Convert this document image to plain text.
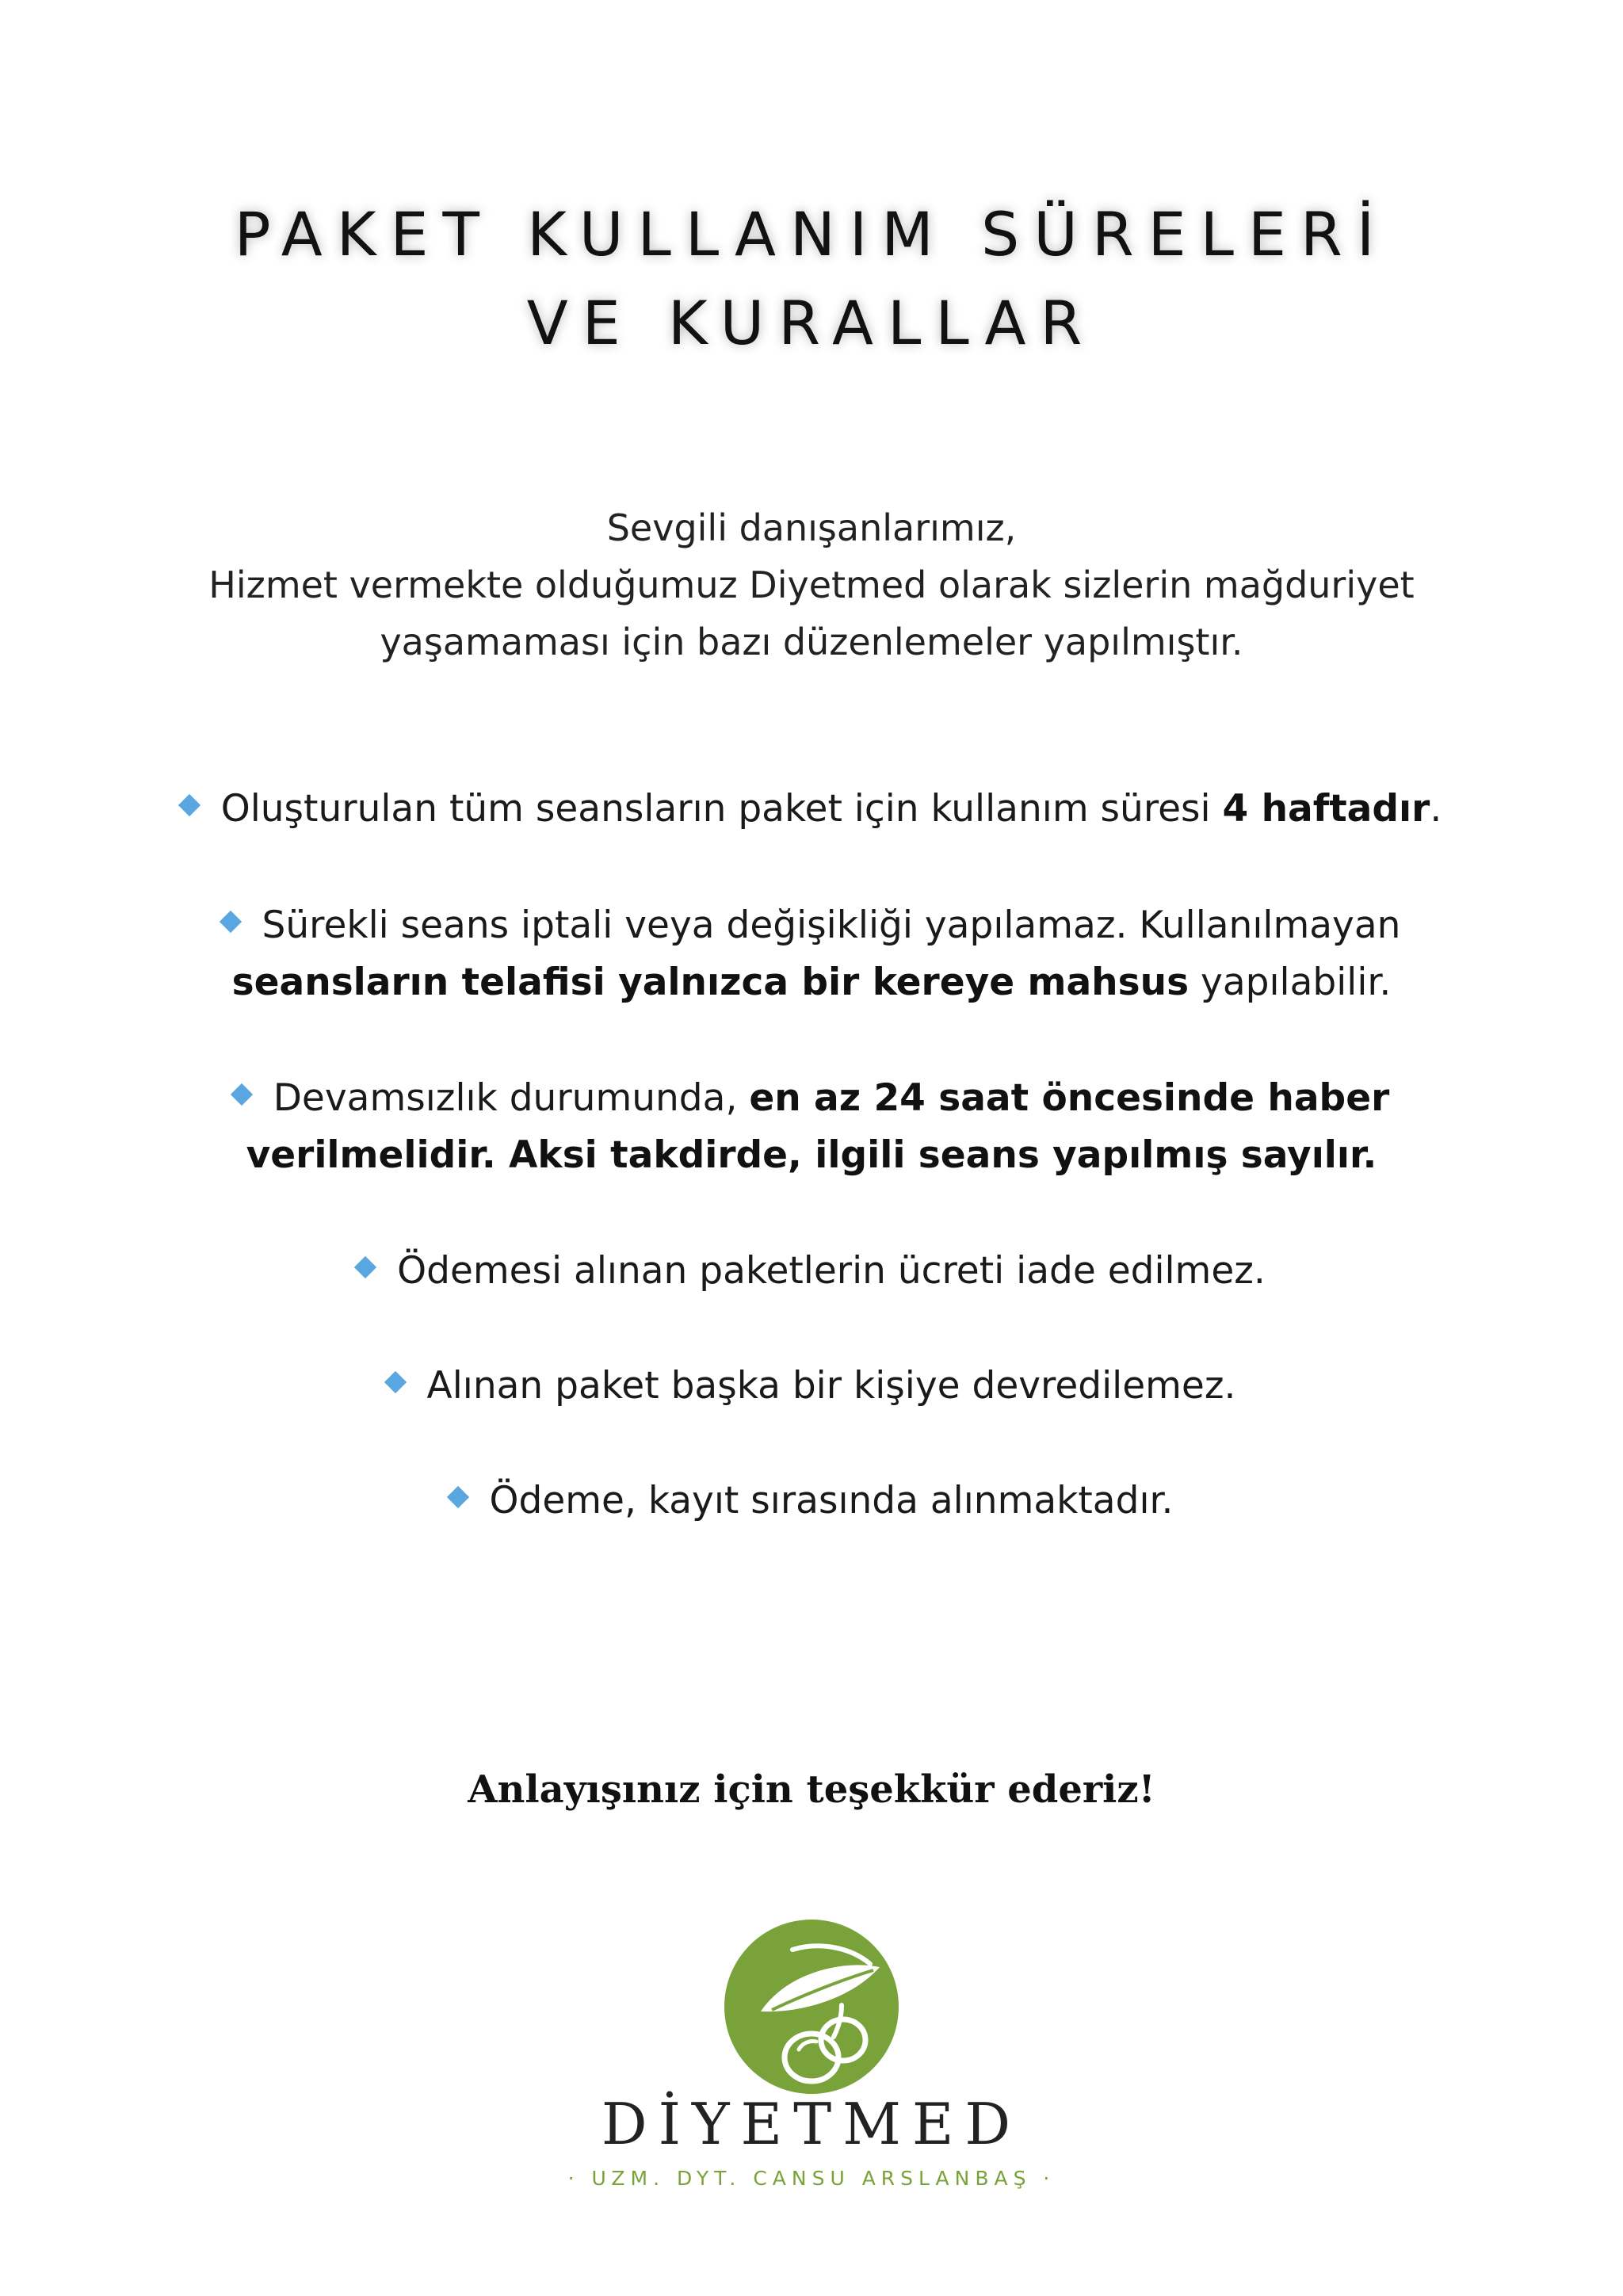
PAKET KULLANIM SÜRELERİ
VE KURALLAR
Sevgili danışanlarımız,
Hizmet vermekte olduğumuz Diyetmed olarak sizlerin mağduriyet
yaşamaması için bazı düzenlemeler yapılmıştır.
Oluşturulan tüm seansların paket için kullanım süresi 4 haftadır.
Sürekli seans iptali veya değişikliği yapılamaz. Kullanılmayan
seansların telafisi yalnızca bir kereye mahsus yapılabilir.
Devamsızlık durumunda, en az 24 saat öncesinde haber
verilmelidir. Aksi takdirde, ilgili seans yapılmış sayılır.
Ödemesi alınan paketlerin ücreti iade edilmez.
Alınan paket başka bir kişiye devredilemez.
Ödeme, kayıt sırasında alınmaktadır.
Anlayışınız için teşekkür ederiz!
DİYETMED
· UZM. DYT. CANSU ARSLANBAŞ ·
